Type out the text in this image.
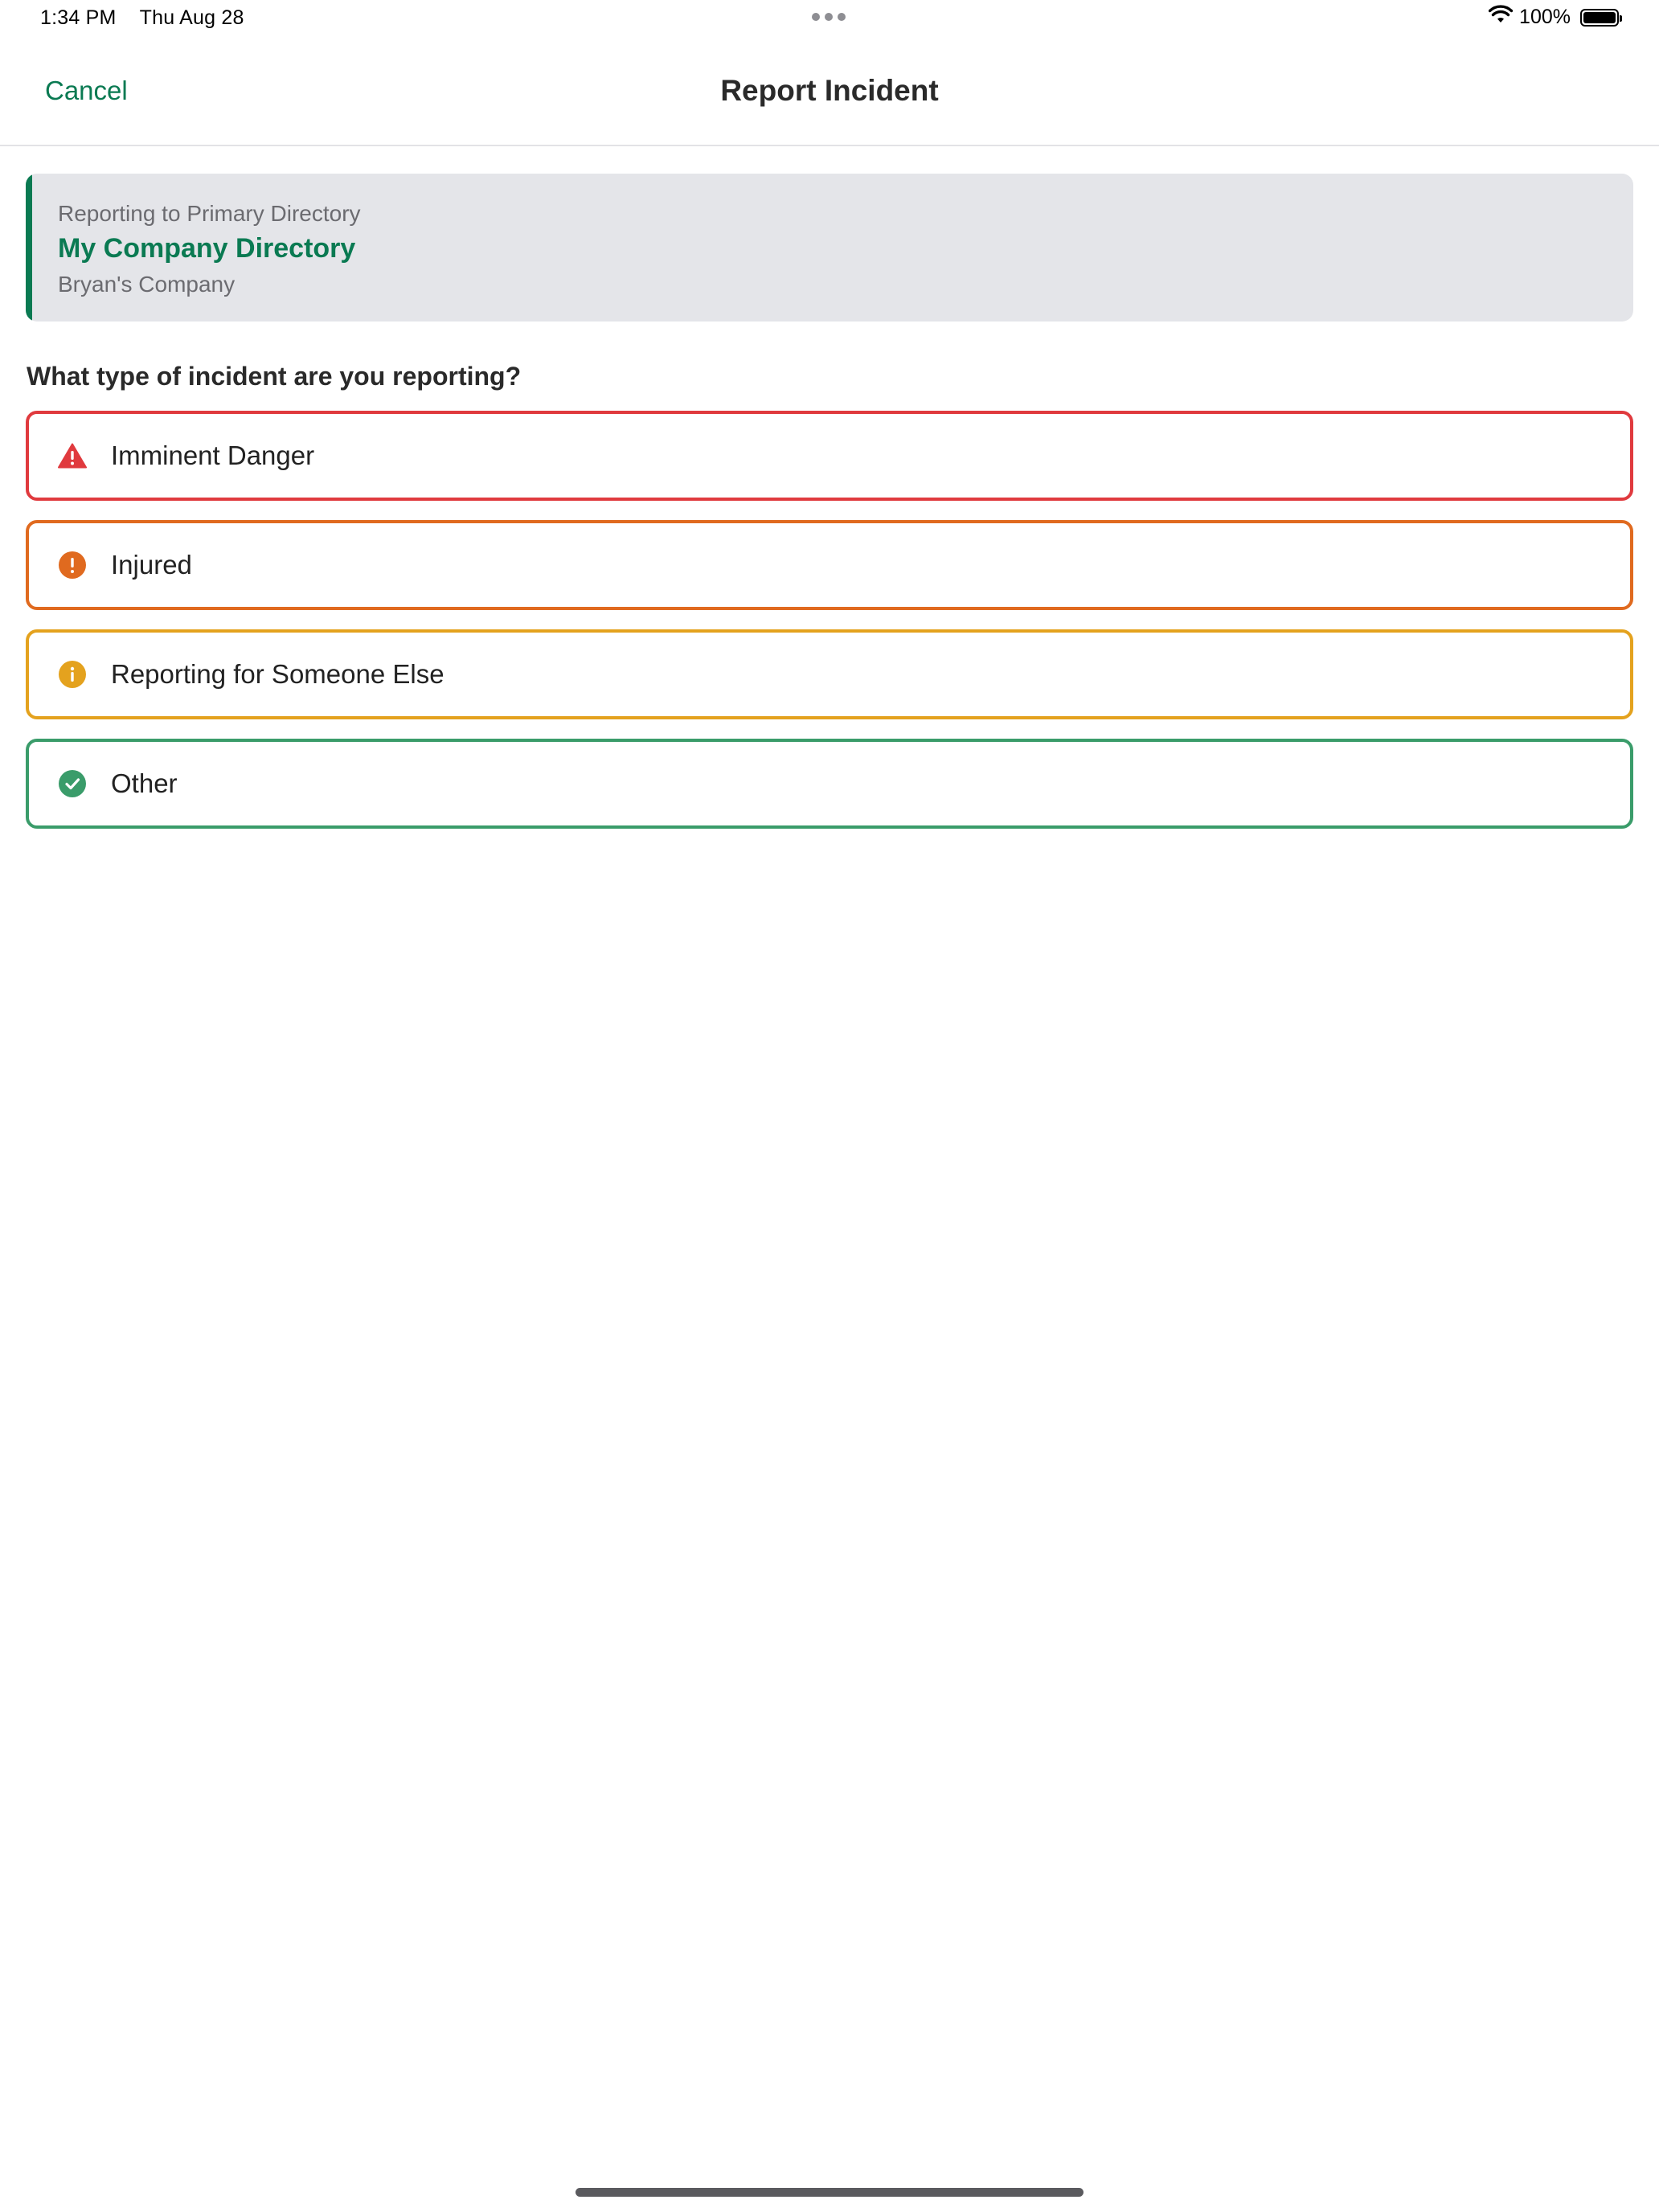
1:34 PM Thu Aug 28	100%
Cancel	Report Incident
Reporting to Primary Directory
My Company Directory
Bryan's Company
What type of incident are you reporting?
Imminent Danger
Injured
Reporting for Someone Else
Other
